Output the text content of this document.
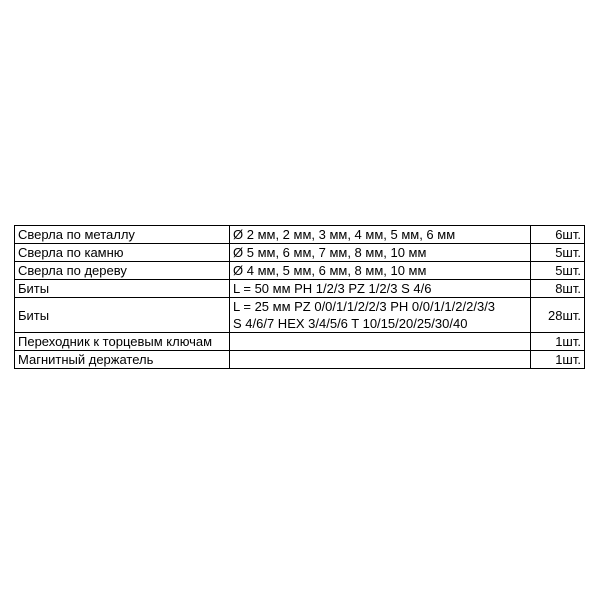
Сверла по металлу	Ø 2 мм, 2 мм, 3 мм, 4 мм, 5 мм, 6 мм	6шт.
Сверла по камню	Ø 5 мм, 6 мм, 7 мм, 8 мм, 10 мм	5шт.
Сверла по дереву	Ø 4 мм, 5 мм, 6 мм, 8 мм, 10 мм	5шт.
Биты	L = 50 мм PH 1/2/3 PZ 1/2/3 S 4/6	8шт.
Биты	L = 25 мм PZ 0/0/1/1/2/2/3 PH 0/0/1/1/2/2/3/3
S 4/6/7 HEX 3/4/5/6 T 10/15/20/25/30/40	28шт.
Переходник к торцевым ключам		1шт.
Магнитный держатель		1шт.
